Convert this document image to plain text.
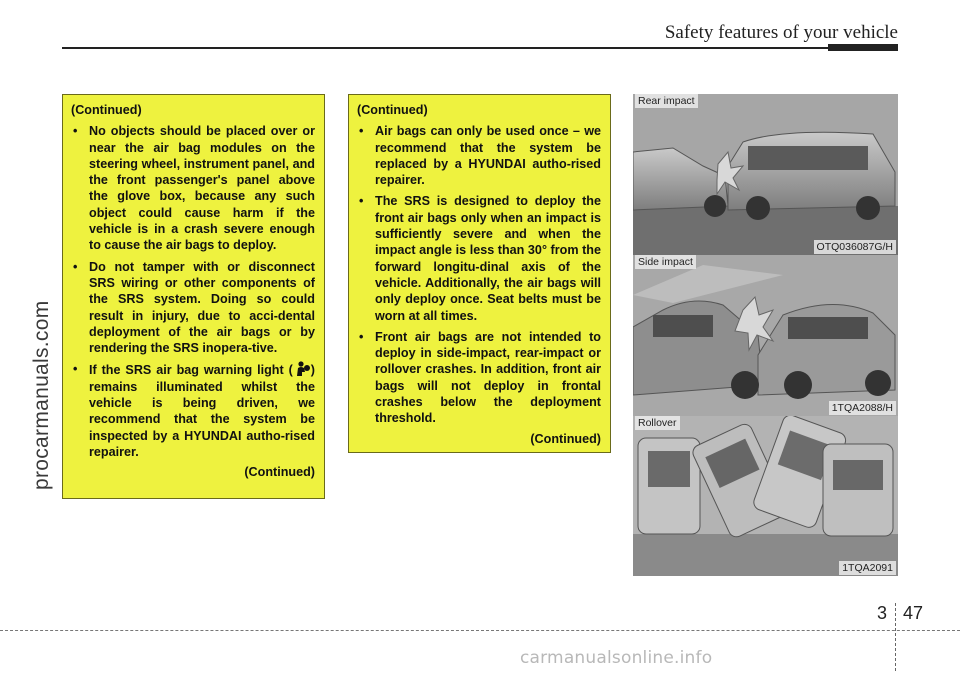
Safety features of your vehicle
procarmanuals.com
(Continued)
• No objects should be placed over or near the air bag modules on the steering wheel, instrument panel, and the front passenger's panel above the glove box, because any such object could cause harm if the vehicle is in a crash severe enough to cause the air bags to deploy.
• Do not tamper with or disconnect SRS wiring or other components of the SRS system. Doing so could result in injury, due to acci-dental deployment of the air bags or by rendering the SRS inopera-tive.
• If the SRS air bag warning light ( ) remains illuminated whilst the vehicle is being driven, we recommend that the system be inspected by a HYUNDAI autho-rised repairer.
(Continued)
(Continued)
• Air bags can only be used once – we recommend that the system be replaced by a HYUNDAI autho-rised repairer.
• The SRS is designed to deploy the front air bags only when an impact is sufficiently severe and when the impact angle is less than 30° from the forward longitu-dinal axis of the vehicle. Additionally, the air bags will only deploy once. Seat belts must be worn at all times.
• Front air bags are not intended to deploy in side-impact, rear-impact or rollover crashes. In addition, front air bags will not deploy in frontal crashes below the deployment threshold.
(Continued)
Rear impact
OTQ036087G/H
Side impact
1TQA2088/H
Rollover
1TQA2091
3 47
carmanualsonline.info
